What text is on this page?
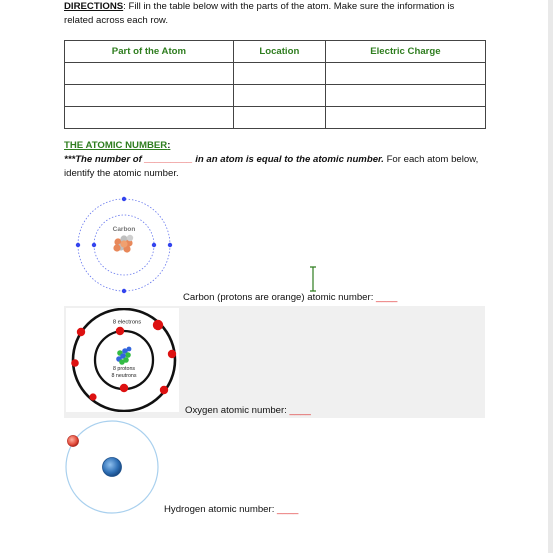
DIRECTIONS: Fill in the table below with the parts of the atom. Make sure the information is related across each row.
Part of the Atom	Location	Electric Charge

THE ATOMIC NUMBER:
***The number of _________ in an atom is equal to the atomic number. For each atom below, identify the atomic number.
Carbon
Carbon (protons are orange) atomic number: ____
8 electrons
8 protons
8 neutrons
Oxygen atomic number: ____
Hydrogen atomic number: ____
